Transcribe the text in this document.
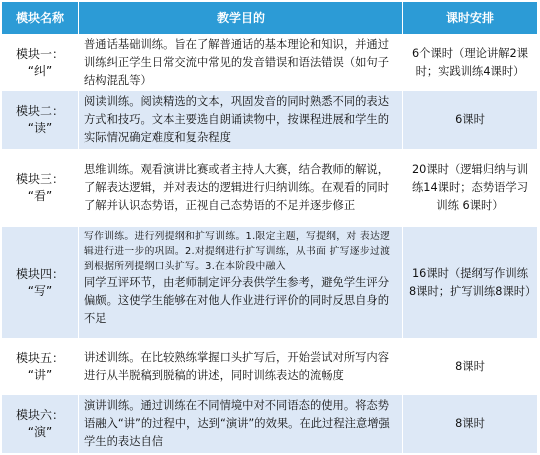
模块名称	教学目的	课时安排
模块一：
“纠”
普通话基础训练。旨在了解普通话的基本理论和知识，并通过训练纠正学生日常交流中常见的发音错误和语法错误（如句子结构混乱等）
6个课时（理论讲解2课时；实践训练4课时）
模块二：
“读”
阅读训练。阅读精选的文本，巩固发音的同时熟悉不同的表达方式和技巧。文本主要选自朗诵读物中，按课程进展和学生的实际情况确定难度和复杂程度
6课时
模块三：
“看”
思维训练。观看演讲比赛或者主持人大赛，结合教师的解说，了解表达逻辑，并对表达的逻辑进行归纳训练。在观看的同时了解并认识态势语，正视自己态势语的不足并逐步修正
20课时（逻辑归纳与训练14课时；态势语学习训练 6课时）
模块四：
“写”
写作训练。进行列提纲和扩写训练。1.限定主题，写提纲，对 表达逻辑进行进一步的巩固。2.对提纲进行扩写训练，从书面 扩写逐步过渡到根据所列提纲口头扩写。3.在本阶段中融入
同学互评环节，由老师制定评分表供学生参考，避免学生评分偏颇。这使学生能够在对他人作业进行评价的同时反思自身的不足
16课时（提纲写作训练8课时；扩写训练8课时）
模块五：
“讲”
讲述训练。在比较熟练掌握口头扩写后，开始尝试对所写内容进行从半脱稿到脱稿的讲述，同时训练表达的流畅度
8课时
模块六：
“演”
演讲训练。通过训练在不同情境中对不同语态的使用。将态势语融入“讲”的过程中，达到“演讲”的效果。在此过程注意增强学生的表达自信
8课时
